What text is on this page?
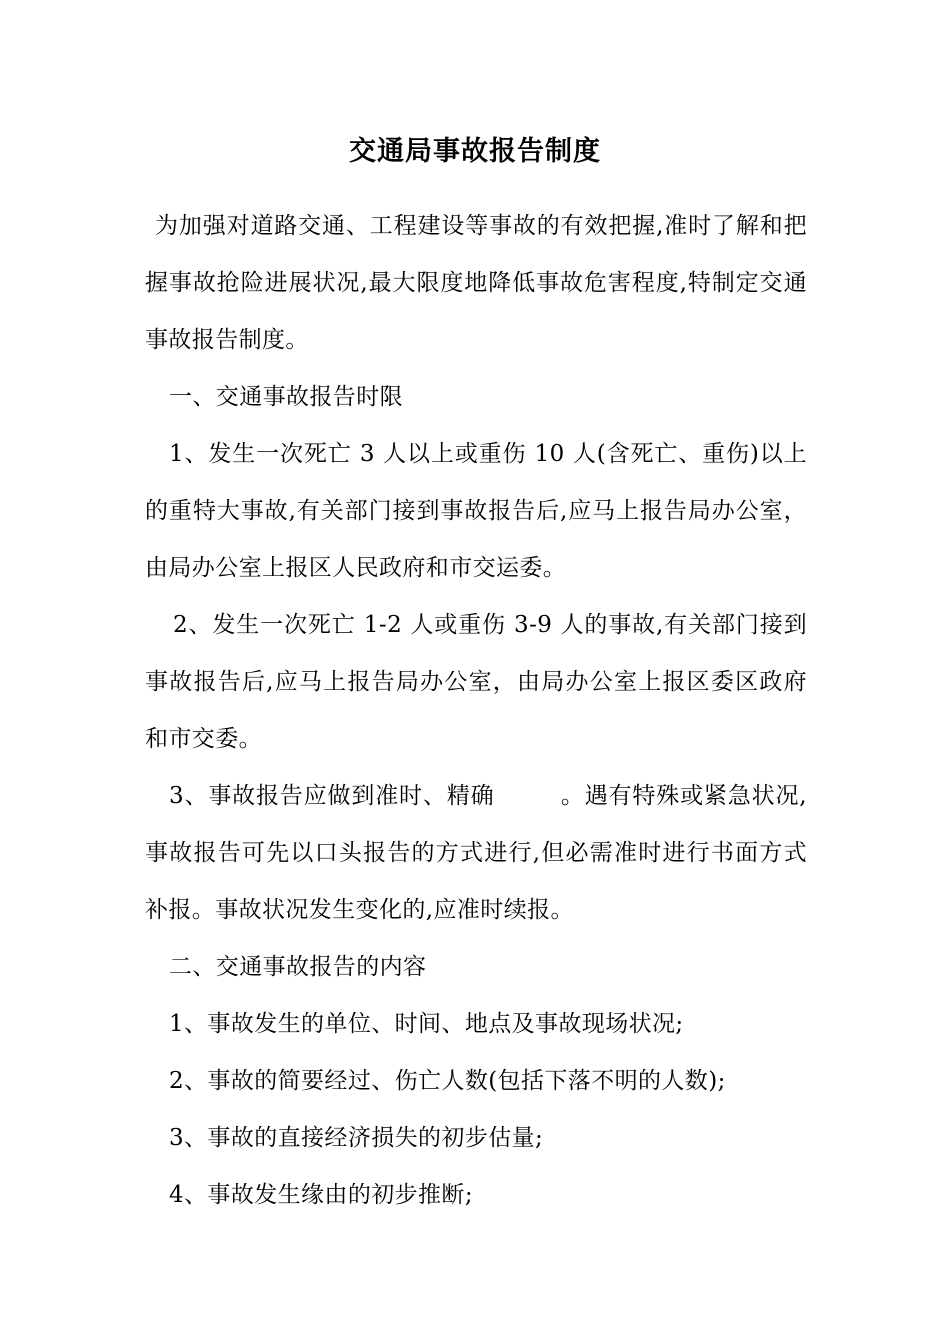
交通局事故报告制度

为加强对道路交通、工程建设等事故的有效把握,准时了解和把握事故抢险进展状况,最大限度地降低事故危害程度,特制定交通事故报告制度。

一、交通事故报告时限

1、发生一次死亡 3 人以上或重伤 10 人(含死亡、重伤)以上的重特大事故,有关部门接到事故报告后,应马上报告局办公室，由局办公室上报区人民政府和市交运委。

2、发生一次死亡 1-2 人或重伤 3-9 人的事故,有关部门接到事故报告后,应马上报告局办公室，由局办公室上报区委区政府和市交委。

3、事故报告应做到准时、精确	。遇有特殊或紧急状况,事故报告可先以口头报告的方式进行,但必需准时进行书面方式补报。事故状况发生变化的,应准时续报。

二、交通事故报告的内容

1、事故发生的单位、时间、地点及事故现场状况;

2、事故的简要经过、伤亡人数(包括下落不明的人数);

3、事故的直接经济损失的初步估量;

4、事故发生缘由的初步推断;
